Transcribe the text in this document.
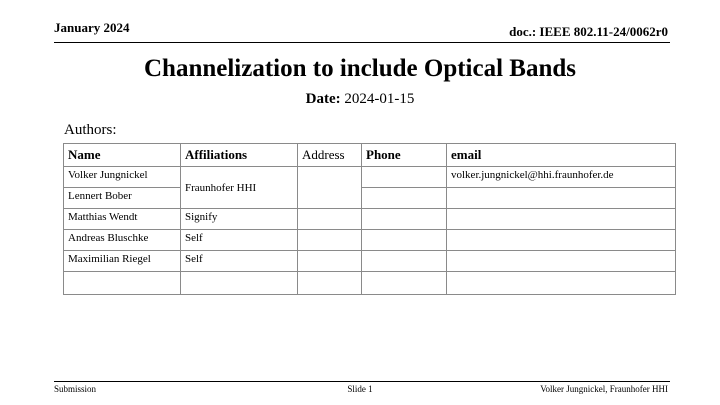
January 2024	doc.: IEEE 802.11-24/0062r0
Channelization to include Optical Bands
Date: 2024-01-15
Authors:
Name	Affiliations	Address	Phone	email
Volker Jungnickel	Fraunhofer HHI			volker.jungnickel@hhi.fraunhofer.de
Lennert Bober				
Matthias Wendt	Signify			
Andreas Bluschke	Self			
Maximilian Riegel	Self			

Submission	Slide 1	Volker Jungnickel, Fraunhofer HHI
